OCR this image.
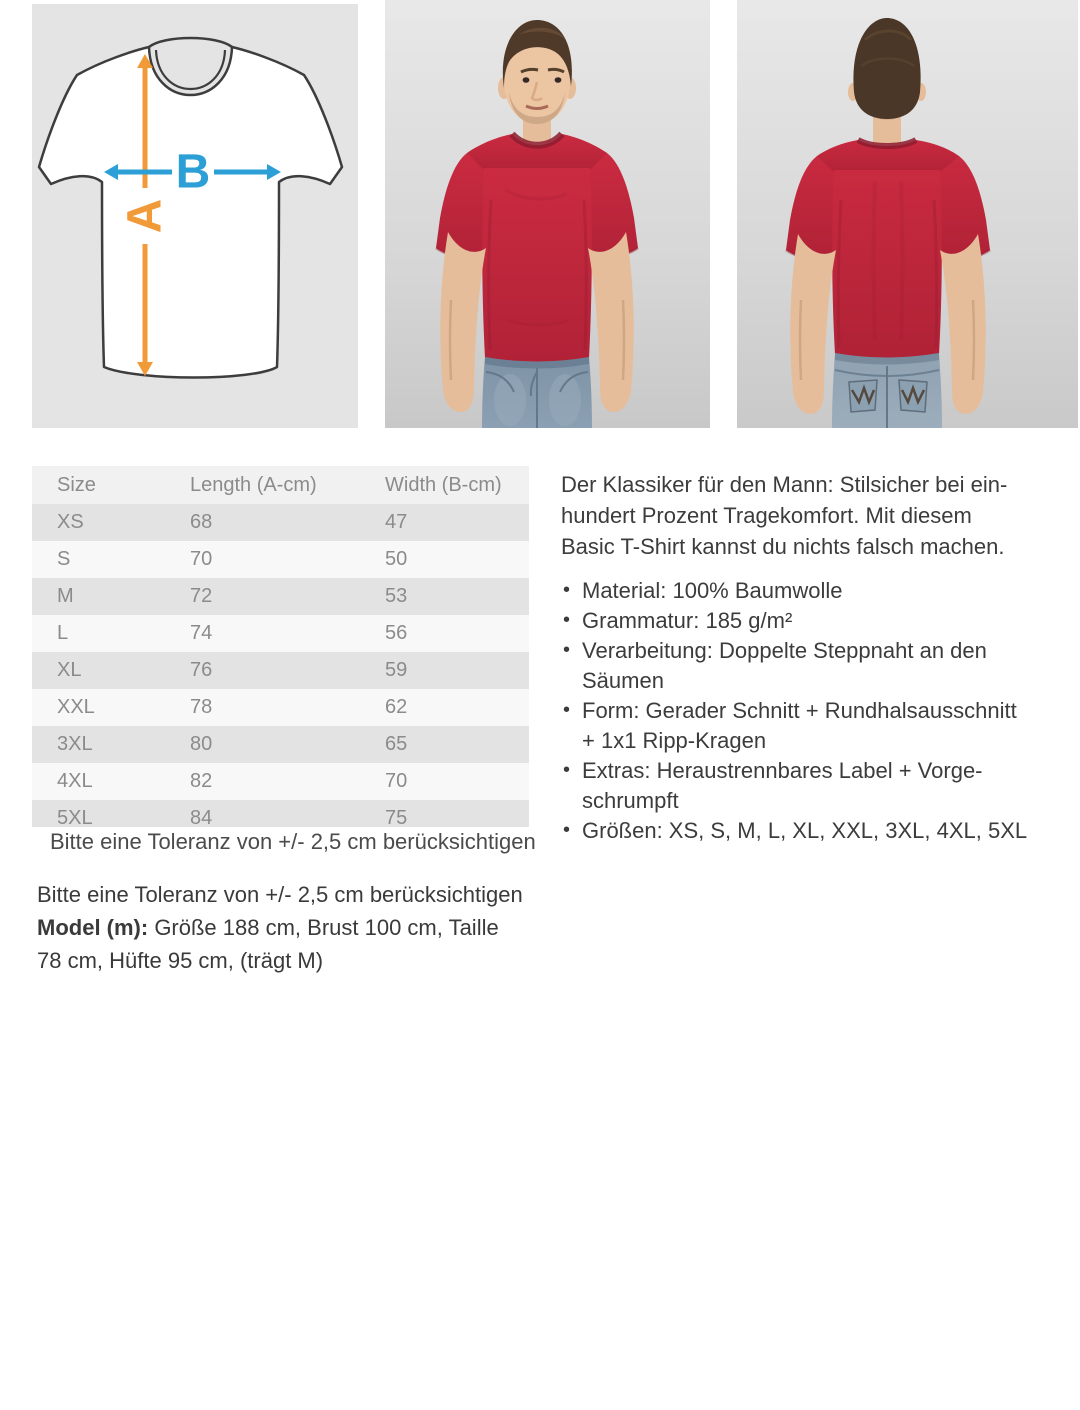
A
B
Size	Length (A-cm)	Width (B-cm)
XS	68	47
S	70	50
M	72	53
L	74	56
XL	76	59
XXL	78	62
3XL	80	65
4XL	82	70
5XL	84	75
Bitte eine Toleranz von +/- 2,5 cm berücksichtigen

Bitte eine Toleranz von +/- 2,5 cm berücksichtigen

Model (m): Größe 188 cm, Brust 100 cm, Taille
78 cm, Hüfte 95 cm, (trägt M)

Der Klassiker für den Mann: Stilsicher bei ein-
hundert Prozent Tragekomfort. Mit diesem
Basic T-Shirt kannst du nichts falsch machen.

• Material: 100% Baumwolle
• Grammatur: 185 g/m²
• Verarbeitung: Doppelte Steppnaht an den
Säumen
• Form: Gerader Schnitt + Rundhalsausschnitt
+ 1x1 Ripp-Kragen
• Extras: Heraustrennbares Label + Vorge-
schrumpft
• Größen: XS, S, M, L, XL, XXL, 3XL, 4XL, 5XL
